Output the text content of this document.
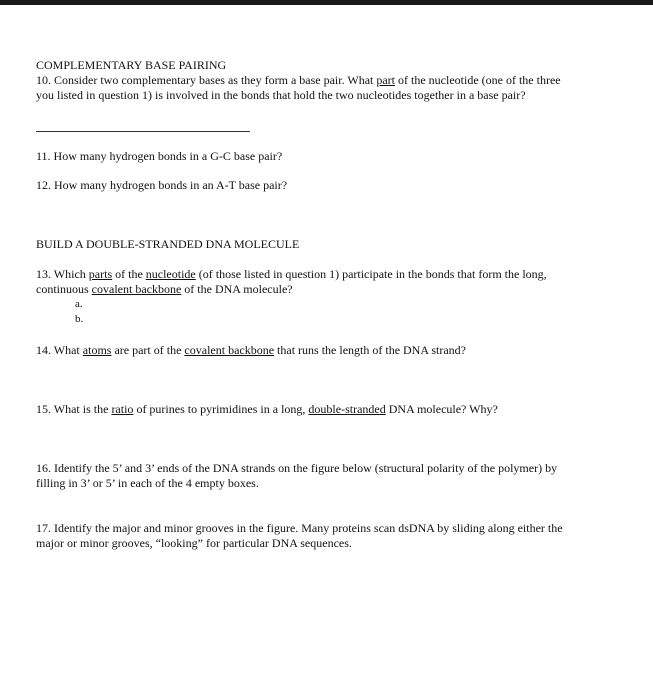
COMPLEMENTARY BASE PAIRING
10. Consider two complementary bases as they form a base pair. What part of the nucleotide (one of the three
you listed in question 1) is involved in the bonds that hold the two nucleotides together in a base pair?
11. How many hydrogen bonds in a G-C base pair?
12. How many hydrogen bonds in an A-T base pair?
BUILD A DOUBLE-STRANDED DNA MOLECULE
13. Which parts of the nucleotide (of those listed in question 1) participate in the bonds that form the long,
continuous covalent backbone of the DNA molecule?
a.
b.
14. What atoms are part of the covalent backbone that runs the length of the DNA strand?
15. What is the ratio of purines to pyrimidines in a long, double-stranded DNA molecule? Why?
16. Identify the 5’ and 3’ ends of the DNA strands on the figure below (structural polarity of the polymer) by
filling in 3’ or 5’ in each of the 4 empty boxes.
17. Identify the major and minor grooves in the figure. Many proteins scan dsDNA by sliding along either the
major or minor grooves, “looking” for particular DNA sequences.
